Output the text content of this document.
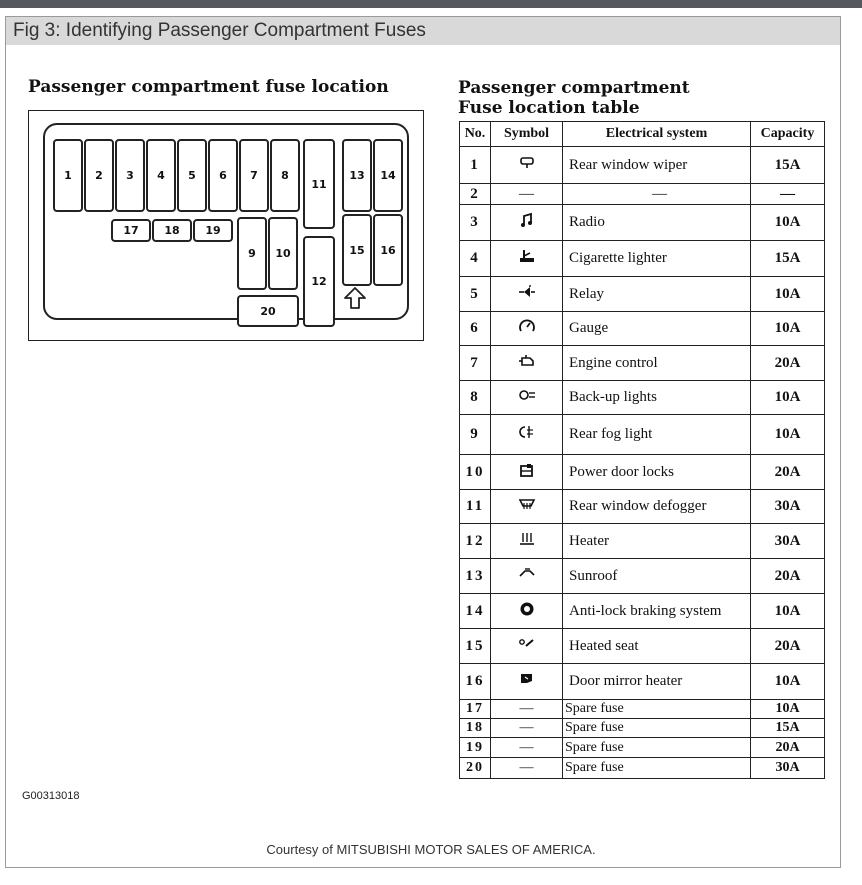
Fig 3: Identifying Passenger Compartment Fuses
Passenger compartment fuse location	Passenger compartment
Fuse location table
1	2	3	4	5	6	7	8
9	10
11
12
13	14
15	16
17	18	19
20
No.	Symbol	Electrical system	Capacity
1		Rear window wiper	15A
2	—	—	—
3		Radio	10A
4		Cigarette lighter	15A
5		Relay	10A
6		Gauge	10A
7		Engine control	20A
8		Back-up lights	10A
9		Rear fog light	10A
10		Power door locks	20A
11		Rear window defogger	30A
12		Heater	30A
13		Sunroof	20A
14		Anti-lock braking system	10A
15		Heated seat	20A
16		Door mirror heater	10A
17	—	Spare fuse	10A
18	—	Spare fuse	15A
19	—	Spare fuse	20A
20	—	Spare fuse	30A
G00313018
Courtesy of MITSUBISHI MOTOR SALES OF AMERICA.
